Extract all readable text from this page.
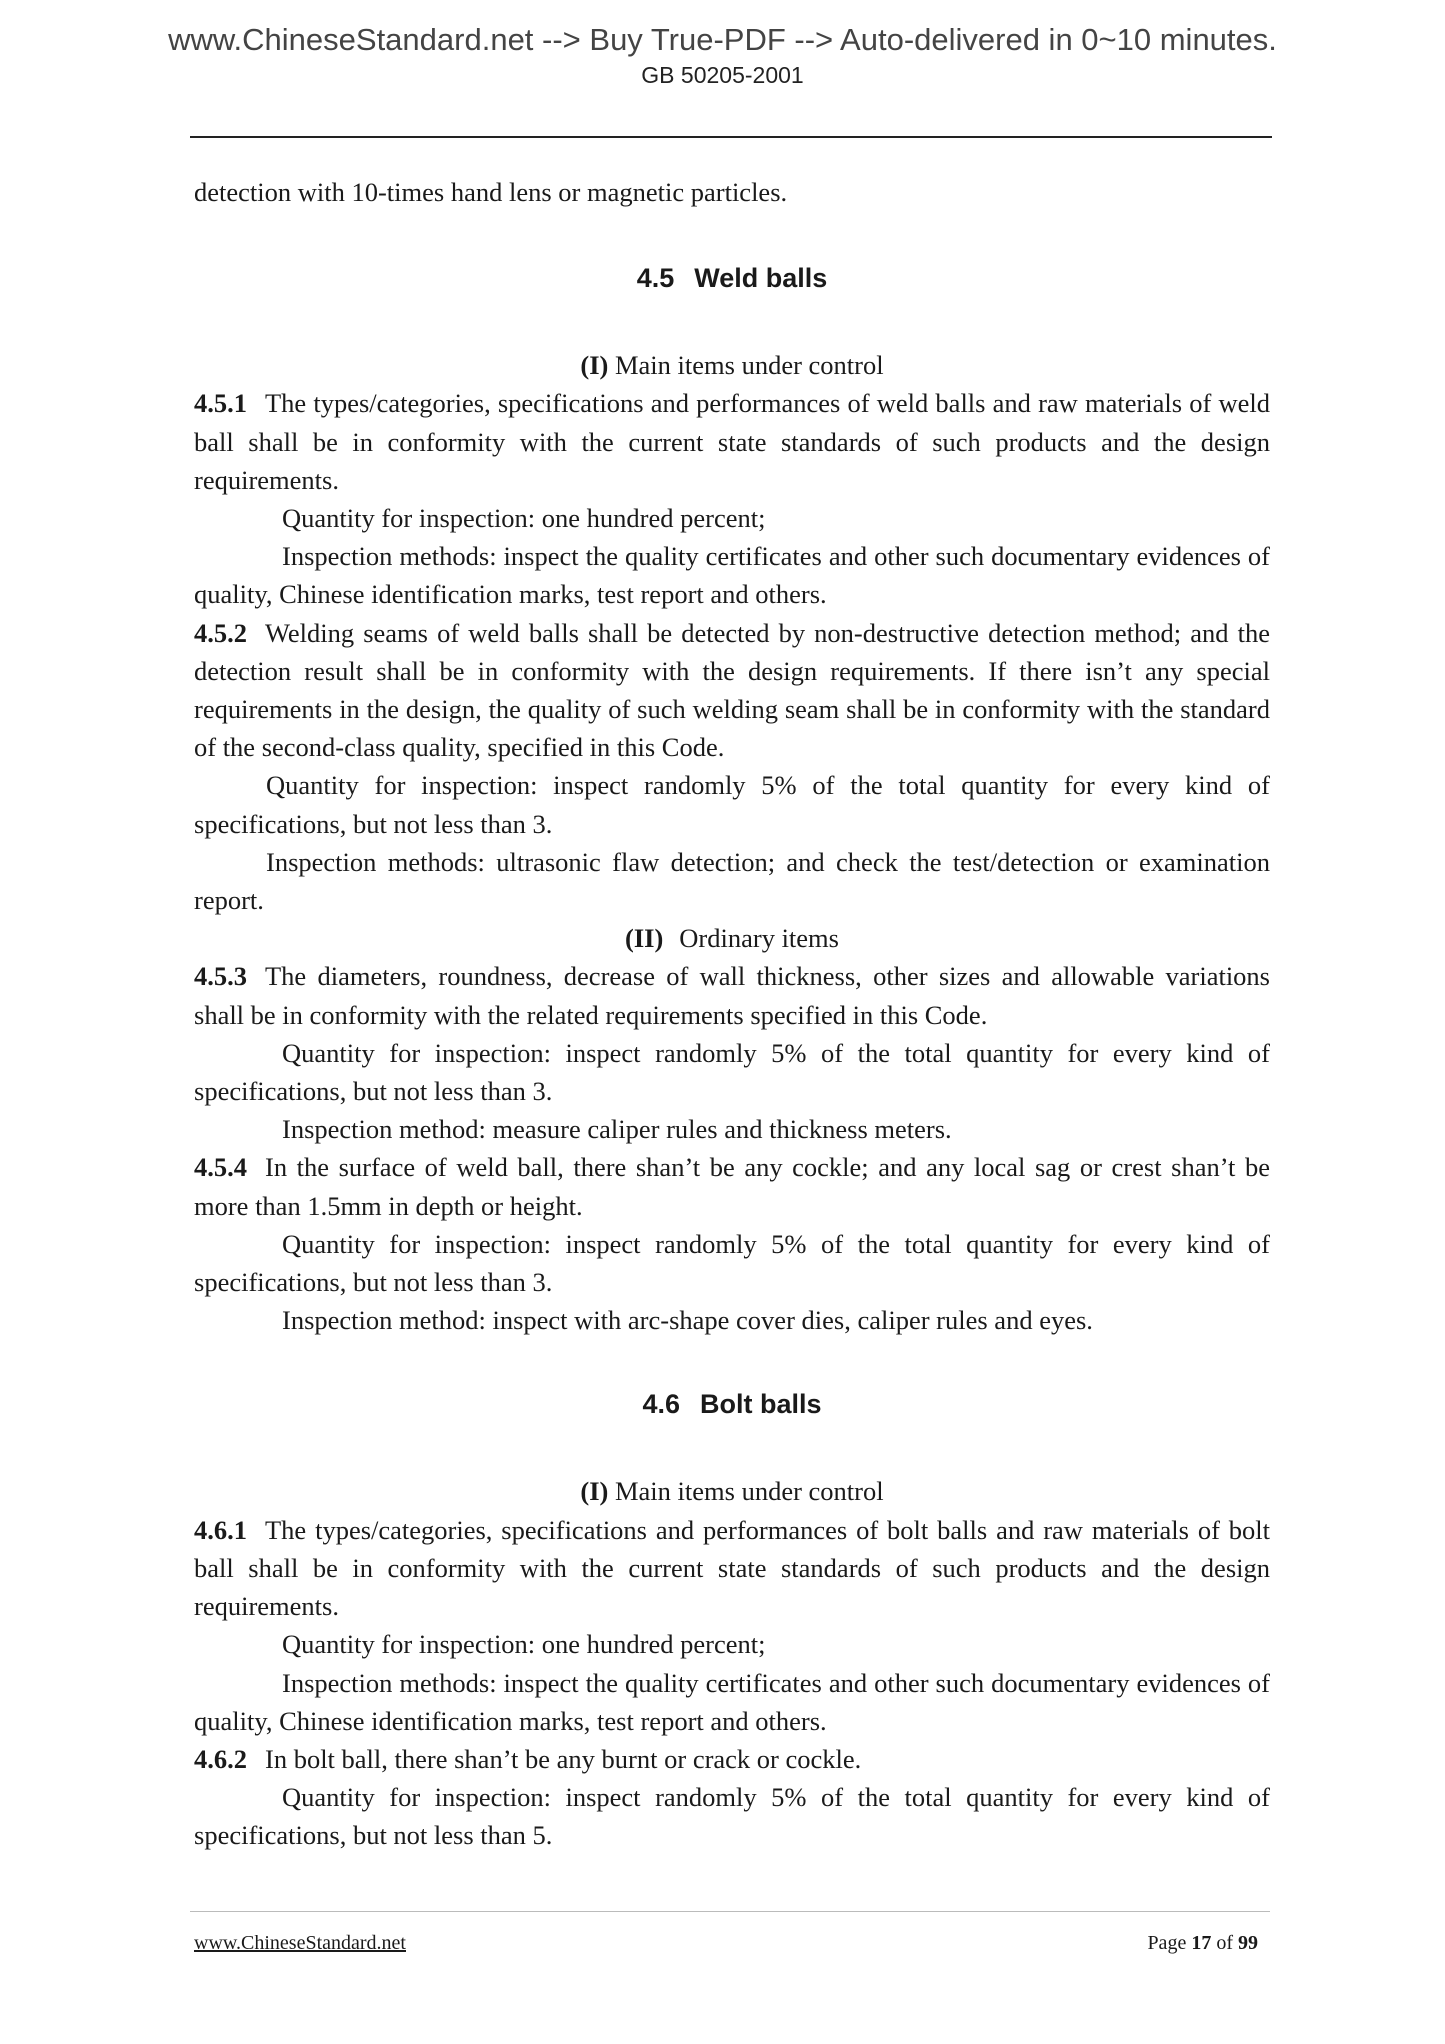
www.ChineseStandard.net --> Buy True-PDF --> Auto-delivered in 0~10 minutes.
GB 50205-2001

detection with 10-times hand lens or magnetic particles.

4.5 Weld balls

(I) Main items under control

4.5.1 The types/categories, specifications and performances of weld balls and raw materials of weld ball shall be in conformity with the current state standards of such products and the design requirements.

Quantity for inspection: one hundred percent;

Inspection methods: inspect the quality certificates and other such documentary evidences of quality, Chinese identification marks, test report and others.

4.5.2 Welding seams of weld balls shall be detected by non-destructive detection method; and the detection result shall be in conformity with the design requirements. If there isn’t any special requirements in the design, the quality of such welding seam shall be in conformity with the standard of the second-class quality, specified in this Code.

Quantity for inspection: inspect randomly 5% of the total quantity for every kind of specifications, but not less than 3.

Inspection methods: ultrasonic flaw detection; and check the test/detection or examination report.

(II) Ordinary items

4.5.3 The diameters, roundness, decrease of wall thickness, other sizes and allowable variations shall be in conformity with the related requirements specified in this Code.

Quantity for inspection: inspect randomly 5% of the total quantity for every kind of specifications, but not less than 3.

Inspection method: measure caliper rules and thickness meters.

4.5.4 In the surface of weld ball, there shan’t be any cockle; and any local sag or crest shan’t be more than 1.5mm in depth or height.

Quantity for inspection: inspect randomly 5% of the total quantity for every kind of specifications, but not less than 3.

Inspection method: inspect with arc-shape cover dies, caliper rules and eyes.

4.6 Bolt balls

(I) Main items under control

4.6.1 The types/categories, specifications and performances of bolt balls and raw materials of bolt ball shall be in conformity with the current state standards of such products and the design requirements.

Quantity for inspection: one hundred percent;

Inspection methods: inspect the quality certificates and other such documentary evidences of quality, Chinese identification marks, test report and others.

4.6.2 In bolt ball, there shan’t be any burnt or crack or cockle.

Quantity for inspection: inspect randomly 5% of the total quantity for every kind of specifications, but not less than 5.

www.ChineseStandard.net	Page 17 of 99
